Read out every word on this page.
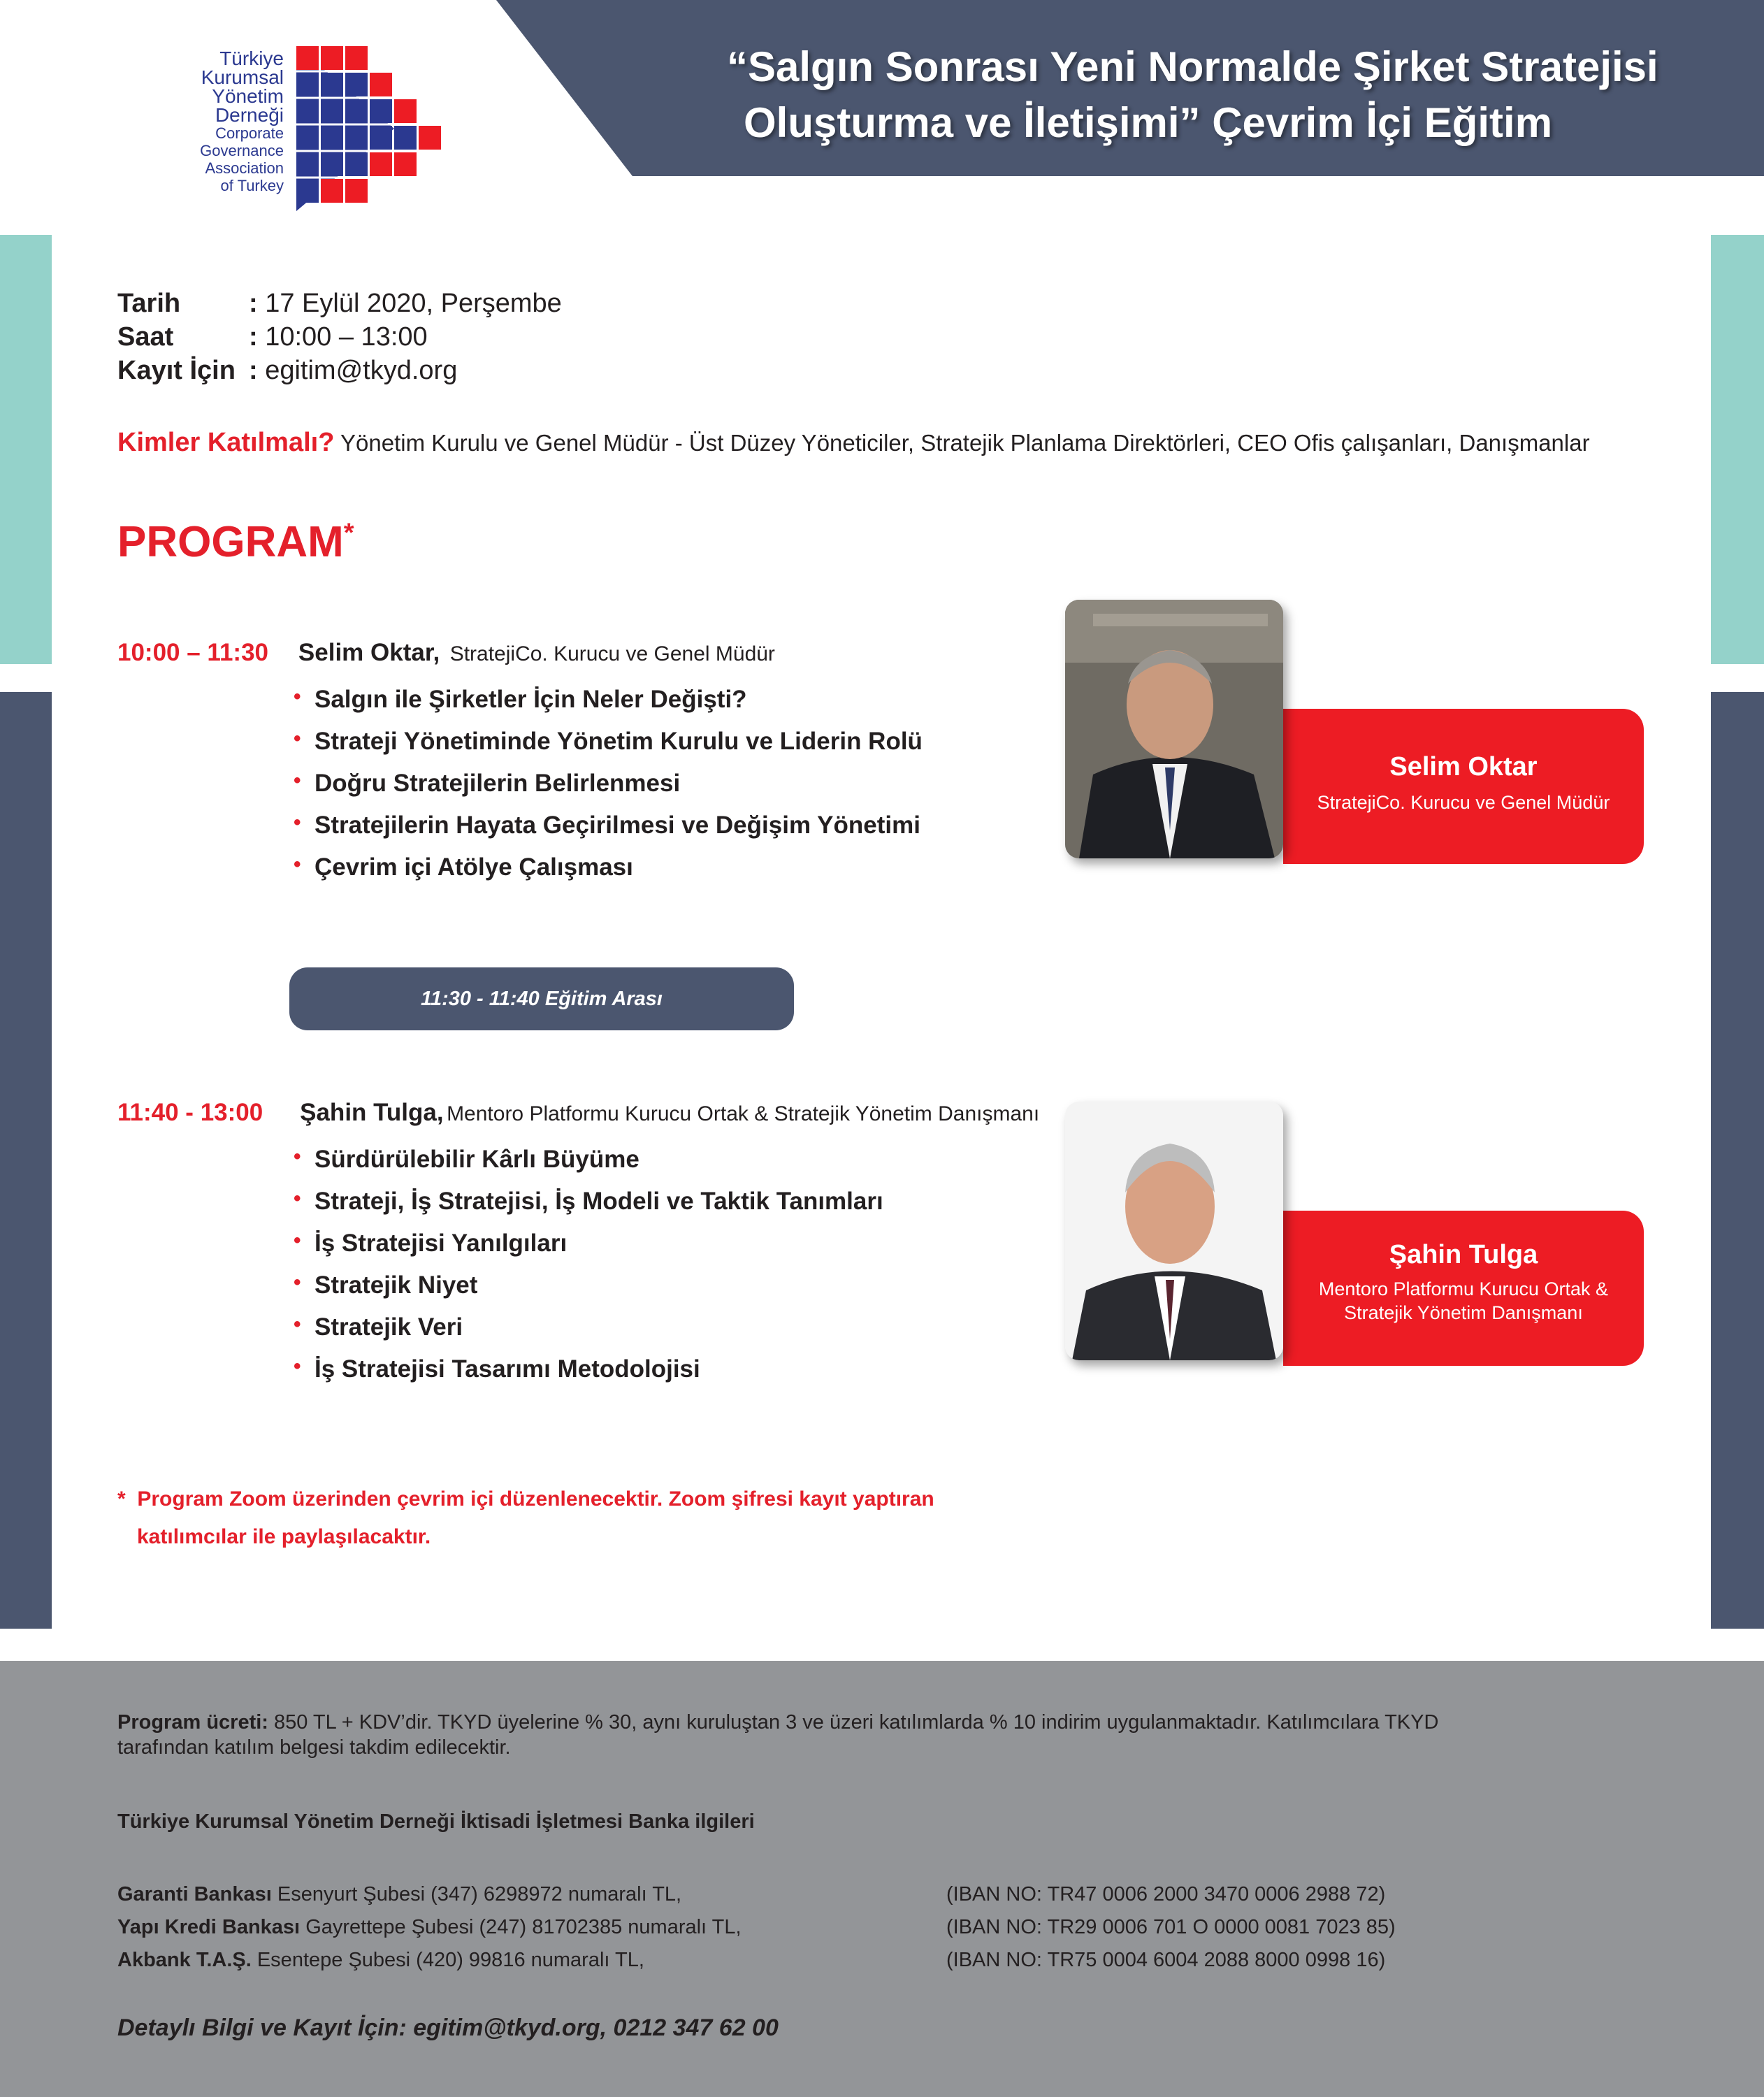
“Salgın Sonrası Yeni Normalde Şirket Stratejisi
Oluşturma ve İletişimi” Çevrim İçi Eğitim
Türkiye
Kurumsal
Yönetim
Derneği
Corporate
Governance
Association
of Turkey
Tarih	: 17 Eylül 2020, Perşembe
Saat	: 10:00 – 13:00
Kayıt İçin : egitim@tkyd.org
Kimler Katılmalı? Yönetim Kurulu ve Genel Müdür - Üst Düzey Yöneticiler, Stratejik Planlama Direktörleri, CEO Ofis çalışanları, Danışmanlar
PROGRAM*
10:00 – 11:30 Selim Oktar, StratejiCo. Kurucu ve Genel Müdür
• Salgın ile Şirketler İçin Neler Değişti?
• Strateji Yönetiminde Yönetim Kurulu ve Liderin Rolü
• Doğru Stratejilerin Belirlenmesi
• Stratejilerin Hayata Geçirilmesi ve Değişim Yönetimi
• Çevrim içi Atölye Çalışması
Selim Oktar
StratejiCo. Kurucu ve Genel Müdür
11:30 - 11:40 Eğitim Arası
11:40 - 13:00 Şahin Tulga, Mentoro Platformu Kurucu Ortak & Stratejik Yönetim Danışmanı
• Sürdürülebilir Kârlı Büyüme
• Strateji, İş Stratejisi, İş Modeli ve Taktik Tanımları
• İş Stratejisi Yanılgıları
• Stratejik Niyet
• Stratejik Veri
• İş Stratejisi Tasarımı Metodolojisi
Şahin Tulga
Mentoro Platformu Kurucu Ortak &
Stratejik Yönetim Danışmanı
* Program Zoom üzerinden çevrim içi düzenlenecektir. Zoom şifresi kayıt yaptıran
katılımcılar ile paylaşılacaktır.
Program ücreti: 850 TL + KDV’dir. TKYD üyelerine % 30, aynı kuruluştan 3 ve üzeri katılımlarda % 10 indirim uygulanmaktadır. Katılımcılara TKYD
tarafından katılım belgesi takdim edilecektir.
Türkiye Kurumsal Yönetim Derneği İktisadi İşletmesi Banka ilgileri
Garanti Bankası Esenyurt Şubesi (347) 6298972 numaralı TL,	(IBAN NO: TR47 0006 2000 3470 0006 2988 72)
Yapı Kredi Bankası Gayrettepe Şubesi (247) 81702385 numaralı TL,	(IBAN NO: TR29 0006 701 O 0000 0081 7023 85)
Akbank T.A.Ş. Esentepe Şubesi (420) 99816 numaralı TL,	(IBAN NO: TR75 0004 6004 2088 8000 0998 16)
Detaylı Bilgi ve Kayıt İçin: egitim@tkyd.org, 0212 347 62 00
